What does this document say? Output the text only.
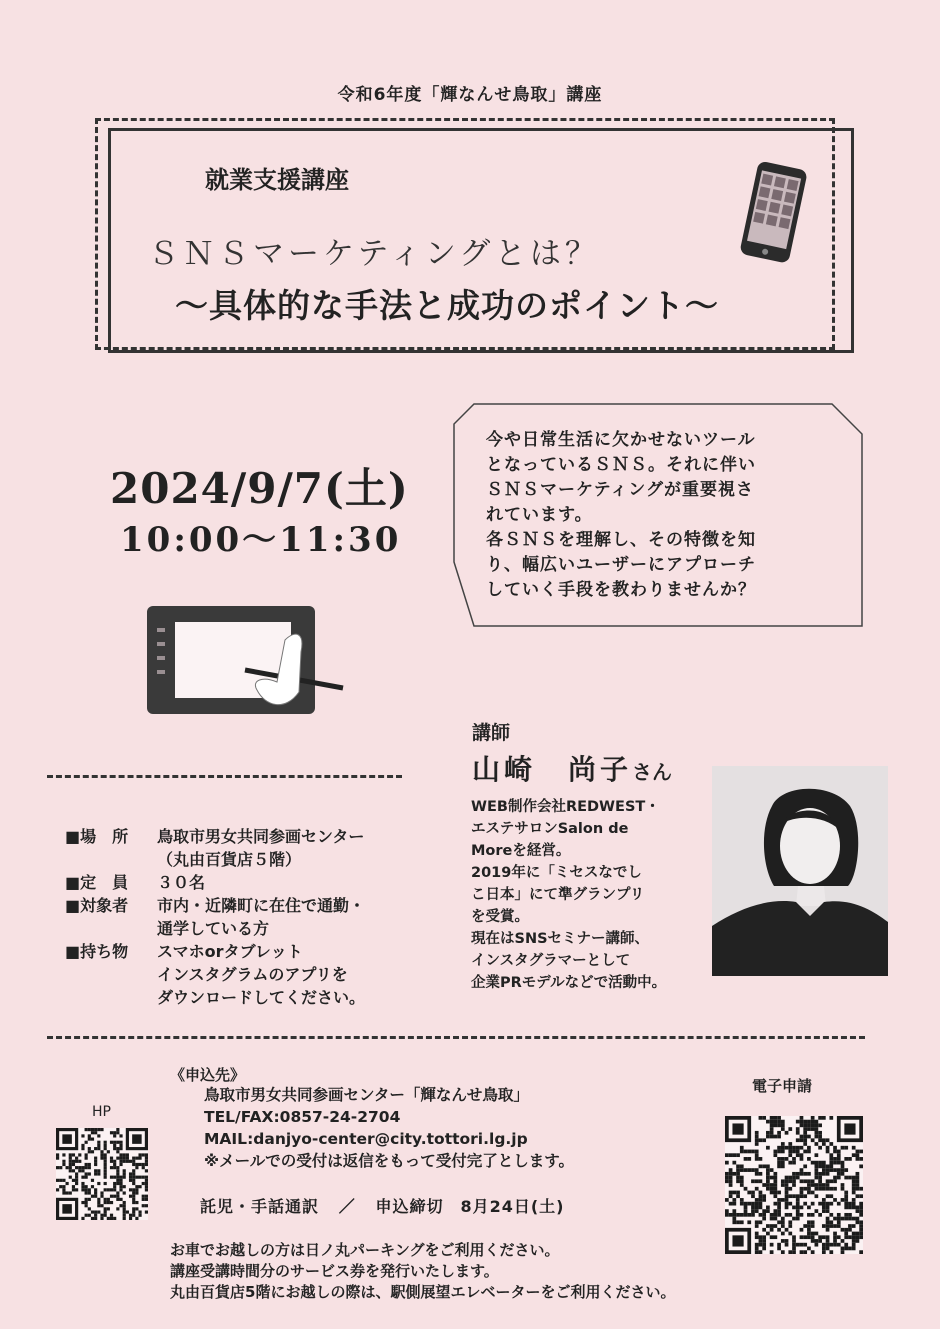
令和6年度「輝なんせ鳥取」講座
就業支援講座
ＳＮＳマーケティングとは？
〜具体的な手法と成功のポイント〜
2024/9/7(土)
10:00〜11:30
今や日常生活に欠かせないツール
となっているＳＮＳ。それに伴い
ＳＮＳマーケティングが重要視さ
れています。
各ＳＮＳを理解し、その特徴を知
り、幅広いユーザーにアプローチ
していく手段を教わりませんか？
講師
山崎　尚子さん
WEB制作会社REDWEST・
エステサロンSalon de
Moreを経営。
2019年に「ミセスなでし
こ日本」にて準グランプリ
を受賞。
現在はSNSセミナー講師、
インスタグラマーとして
企業PRモデルなどで活動中。
■場　所	鳥取市男女共同参画センター
（丸由百貨店５階）
■定　員	３０名
■対象者	市内・近隣町に在住で通勤・
通学している方
■持ち物	スマホorタブレット
インスタグラムのアプリを
ダウンロードしてください。
《申込先》
鳥取市男女共同参画センター「輝なんせ鳥取」
TEL/FAX:0857-24-2704
MAIL:danjyo-center@city.tottori.lg.jp
※メールでの受付は返信をもって受付完了とします。
託児・手話通訳 ／ 申込締切　8月24日(土)
お車でお越しの方は日ノ丸パーキングをご利用ください。
講座受講時間分のサービス券を発行いたします。
丸由百貨店5階にお越しの際は、駅側展望エレベーターをご利用ください。
HP
電子申請
